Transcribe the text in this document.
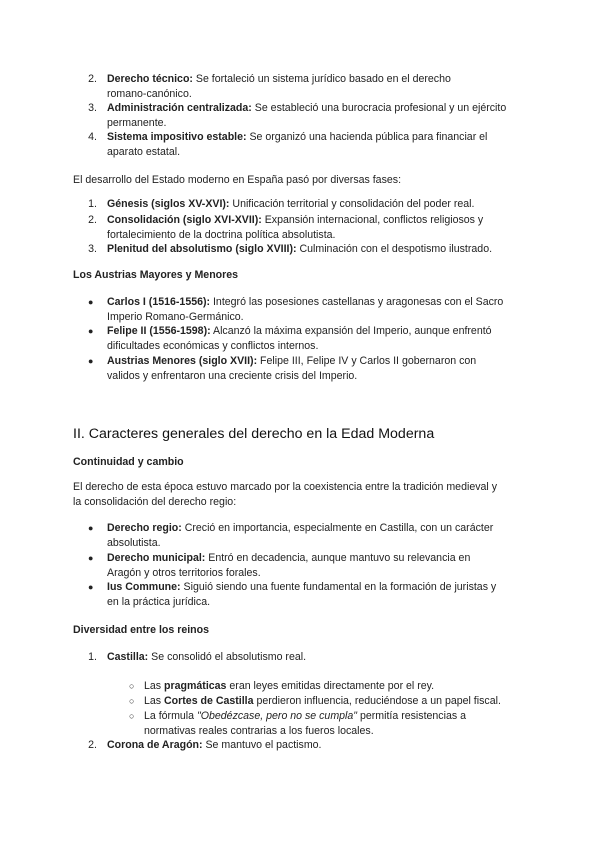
2. Derecho técnico: Se fortaleció un sistema jurídico basado en el derecho
romano-canónico.
3. Administración centralizada: Se estableció una burocracia profesional y un ejército
permanente.
4. Sistema impositivo estable: Se organizó una hacienda pública para financiar el
aparato estatal.
El desarrollo del Estado moderno en España pasó por diversas fases:
1. Génesis (siglos XV-XVI): Unificación territorial y consolidación del poder real.
2. Consolidación (siglo XVI-XVII): Expansión internacional, conflictos religiosos y
fortalecimiento de la doctrina política absolutista.
3. Plenitud del absolutismo (siglo XVIII): Culminación con el despotismo ilustrado.
Los Austrias Mayores y Menores
● Carlos I (1516-1556): Integró las posesiones castellanas y aragonesas con el Sacro
Imperio Romano-Germánico.
● Felipe II (1556-1598): Alcanzó la máxima expansión del Imperio, aunque enfrentó
dificultades económicas y conflictos internos.
● Austrias Menores (siglo XVII): Felipe III, Felipe IV y Carlos II gobernaron con
validos y enfrentaron una creciente crisis del Imperio.
II. Caracteres generales del derecho en la Edad Moderna
Continuidad y cambio
El derecho de esta época estuvo marcado por la coexistencia entre la tradición medieval y
la consolidación del derecho regio:
● Derecho regio: Creció en importancia, especialmente en Castilla, con un carácter
absolutista.
● Derecho municipal: Entró en decadencia, aunque mantuvo su relevancia en
Aragón y otros territorios forales.
● Ius Commune: Siguió siendo una fuente fundamental en la formación de juristas y
en la práctica jurídica.
Diversidad entre los reinos
1. Castilla: Se consolidó el absolutismo real.
○ Las pragmáticas eran leyes emitidas directamente por el rey.
○ Las Cortes de Castilla perdieron influencia, reduciéndose a un papel fiscal.
○ La fórmula "Obedézcase, pero no se cumpla" permitía resistencias a
normativas reales contrarias a los fueros locales.
2. Corona de Aragón: Se mantuvo el pactismo.
